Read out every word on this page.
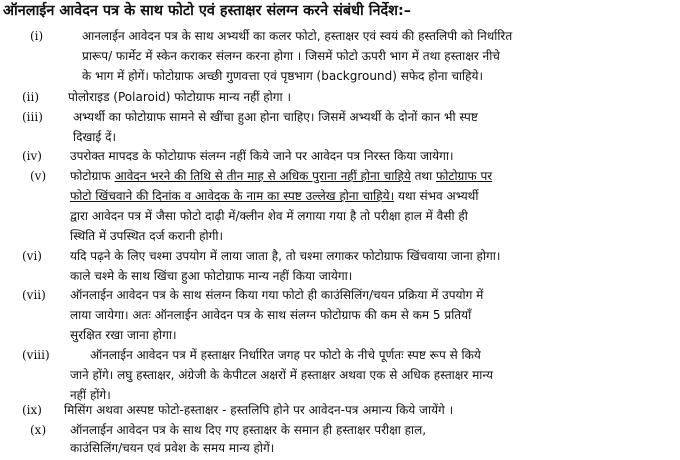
ऑनलाईन आवेदन पत्र के साथ फोटो एवं हस्ताक्षर संलग्न करने संबंधी निर्देश:–
(i)	आनलाईन आवेदन पत्र के साथ अभ्यर्थी का कलर फोटो, हस्ताक्षर एवं स्वयं की हस्तलिपी को निर्धारित
प्रारूप/ फार्मेट में स्केन कराकर संलग्न करना होगा । जिसमें फोटो ऊपरी भाग में तथा हस्ताक्षर नीचे
के भाग में होगें। फोटोग्राफ अच्छी गुणवत्ता एवं पृष्ठभाग (background) सफेद होना चाहिये।
(ii) पोलोराइड (Polaroid) फोटोग्राफ मान्य नहीं होगा ।
(iii)	अभ्यर्थी का फोटोग्राफ सामने से खींचा हुआ होना चाहिए। जिसमें अभ्यर्थी के दोनों कान भी स्पष्ट
दिखाई दें।
(iv) उपरोक्त मापदड के फोटोग्राफ संलग्न नहीं किये जाने पर आवेदन पत्र निरस्त किया जायेगा।
(v) फोटोग्राफ आवेदन भरने की तिथि से तीन माह से अधिक पुराना नहीं होना चाहिये तथा फोटोग्राफ पर
फोटो खिंचवाने की दिनांक व आवेदक के नाम का स्पष्ट उल्लेख होना चाहिये। यथा संभव अभ्यर्थी
द्वारा आवेदन पत्र में जैसा फोटो दाढ़ी में/क्लीन शेव में लगाया गया है तो परीक्षा हाल में वैसी ही
स्थिति में उपस्थित दर्ज करानी होगी।
(vi) यदि पढ़ने के लिए चश्मा उपयोग में लाया जाता है, तो चश्मा लगाकर फोटोग्राफ खिंचवाया जाना होगा।
काले चश्मे के साथ खिंचा हुआ फोटोग्राफ मान्य नहीं किया जायेगा।
(vii) ऑनलाईन आवेदन पत्र के साथ संलग्न किया गया फोटो ही काउंसिलिंग/चयन प्रक्रिया में उपयोग में
लाया जायेगा। अतः ऑनलाईन आवेदन पत्र के साथ संलग्न फोटोग्राफ की कम से कम 5 प्रतियाँ
सुरक्षित रखा जाना होगा।
(viii)	ऑनलाईन आवेदन पत्र में हस्ताक्षर निर्धारित जगह पर फोटो के नीचे पूर्णतः स्पष्ट रूप से किये
जाने होंगे। लघु हस्ताक्षर, अंग्रेजी के केपीटल अक्षरों में हस्ताक्षर अथवा एक से अधिक हस्ताक्षर मान्य
नहीं होंगे।
(ix) मिसिंग अथवा अस्पष्ट फोटो-हस्ताक्षर - हस्तलिपि होने पर आवेदन-पत्र अमान्य किये जायेंगे ।
(x) ऑनलाईन आवेदन पत्र के साथ दिए गए हस्ताक्षर के समान ही हस्ताक्षर परीक्षा हाल,
काउंसिलिंग/चयन एवं प्रवेश के समय मान्य होगें।
